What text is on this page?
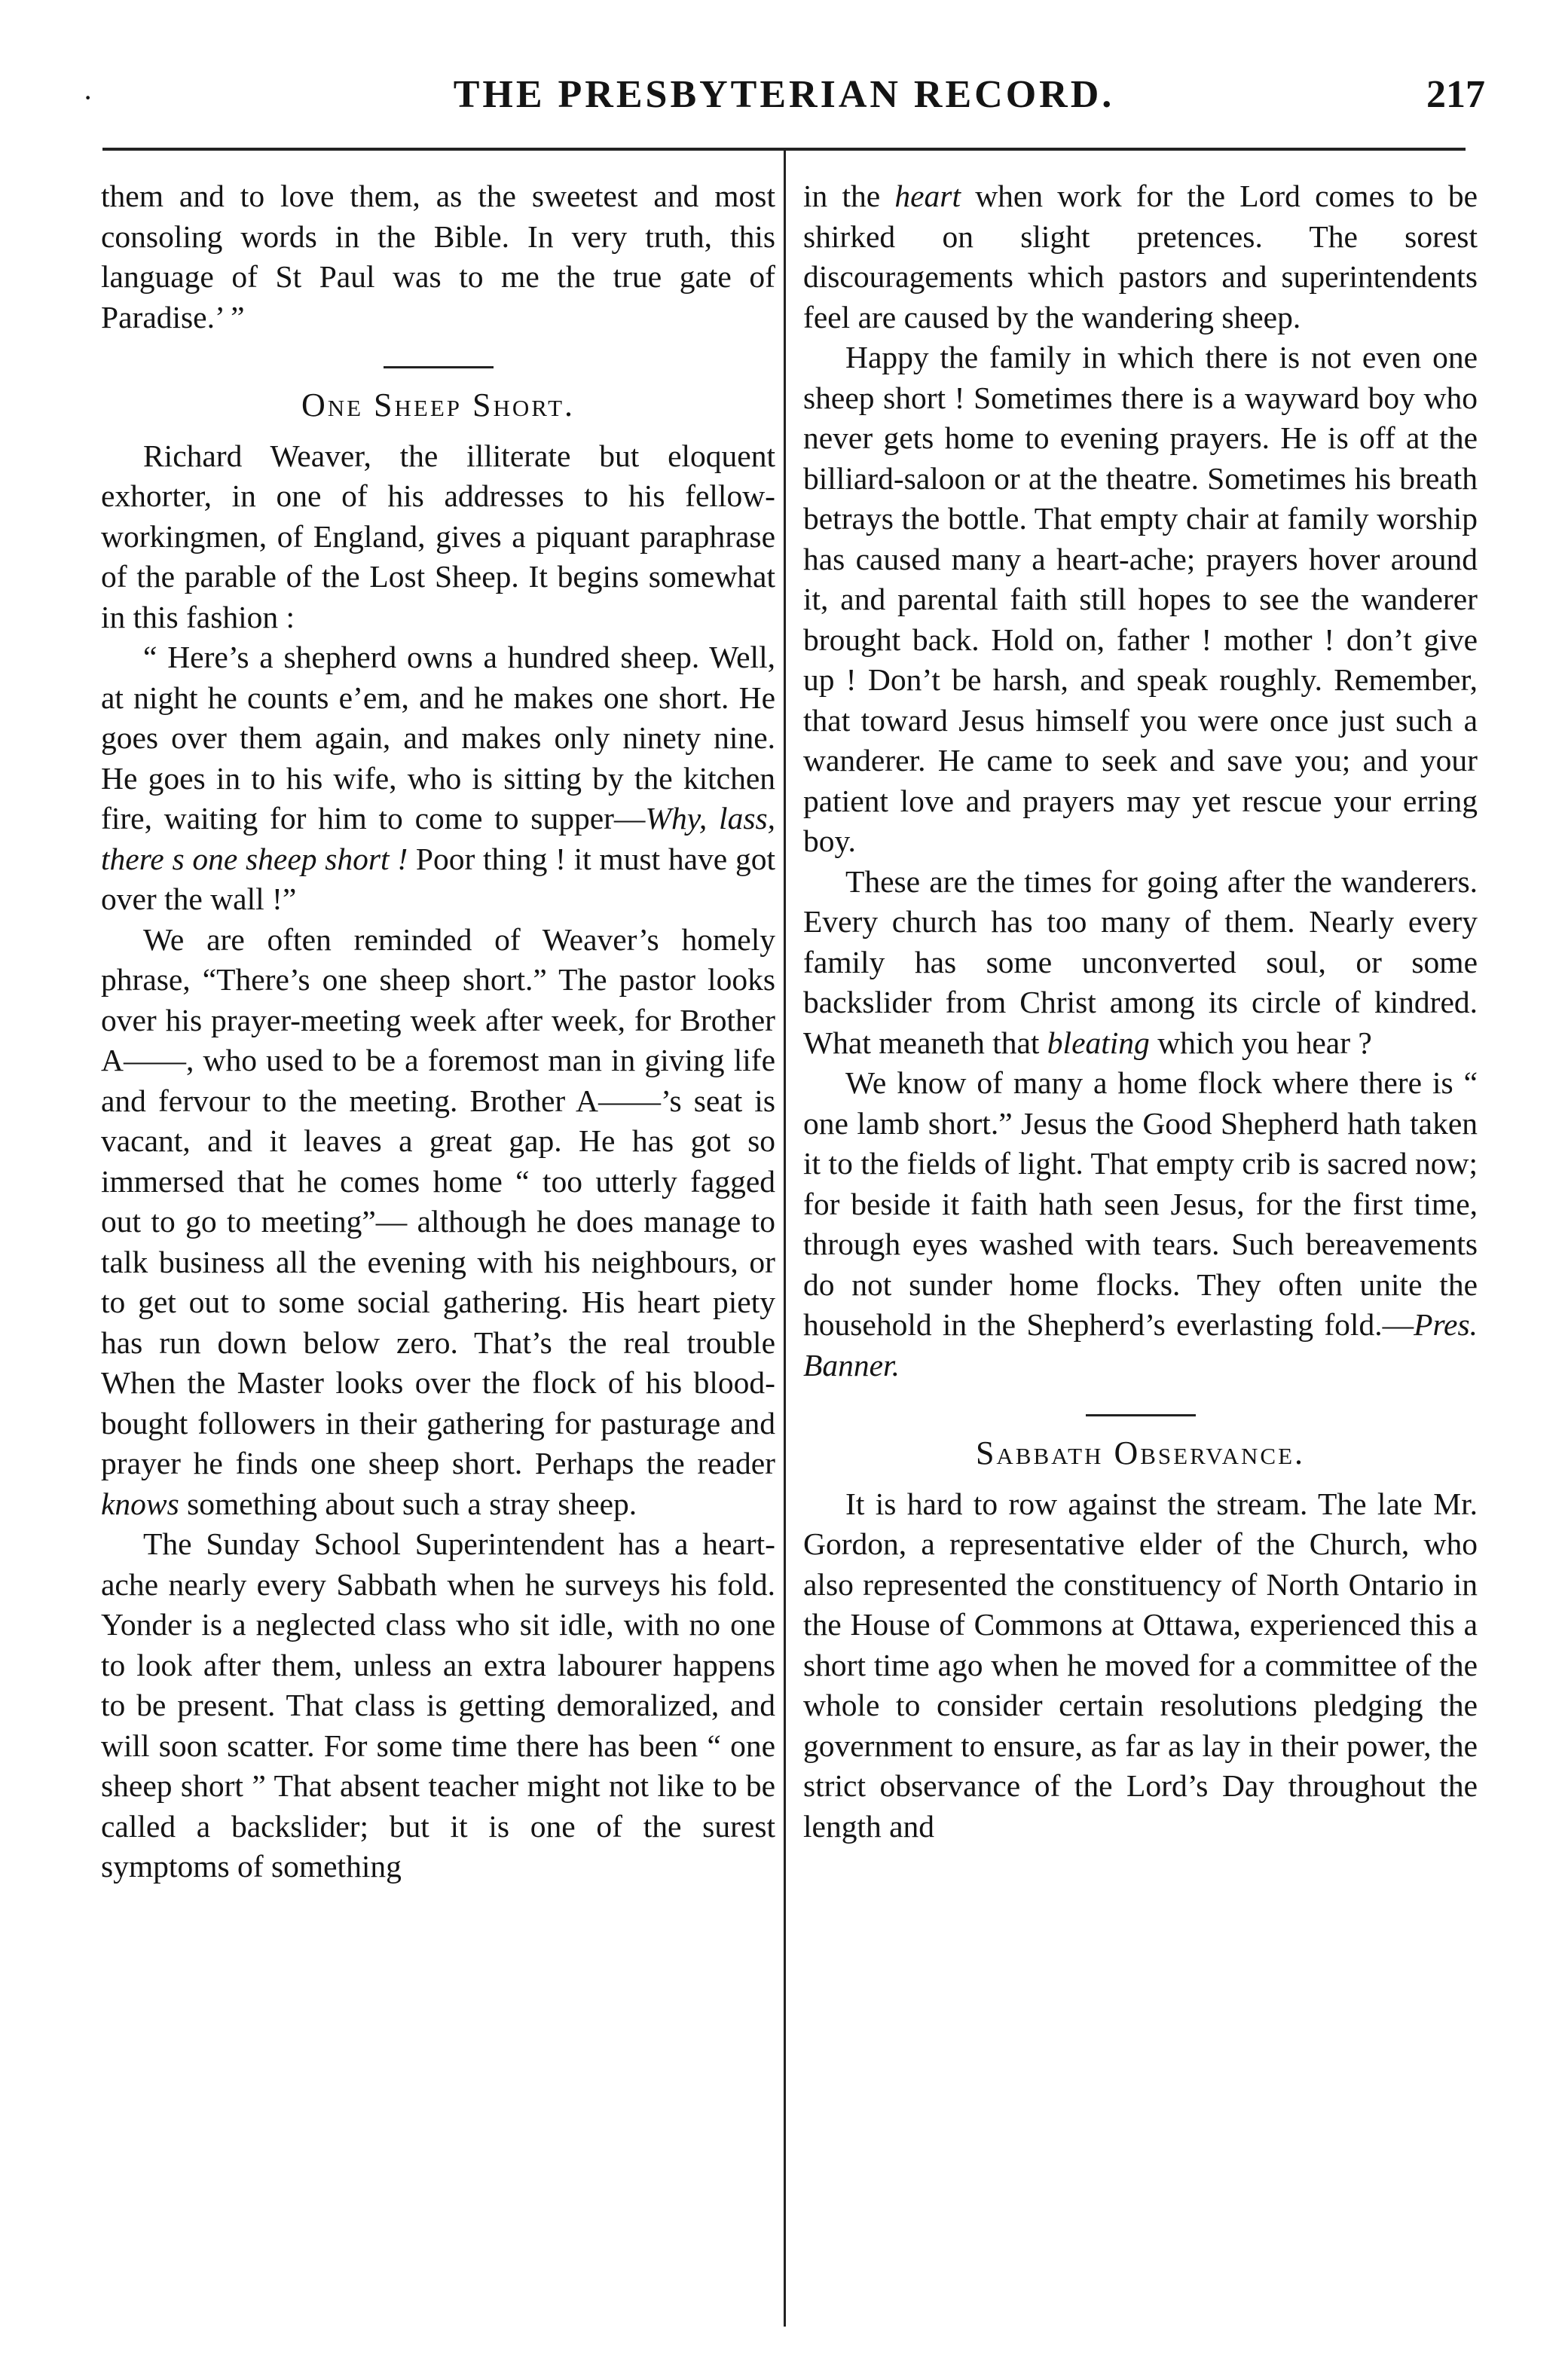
·	THE PRESBYTERIAN RECORD.	217

them and to love them, as the sweetest and most consoling words in the Bible. In very truth, this language of St Paul was to me the true gate of Paradise.’ ”

One Sheep Short.

Richard Weaver, the illiterate but eloquent exhorter, in one of his addresses to his fellow-workingmen, of England, gives a piquant paraphrase of the parable of the Lost Sheep. It begins somewhat in this fashion :

“ Here’s a shepherd owns a hundred sheep. Well, at night he counts e’em, and he makes one short. He goes over them again, and makes only ninety nine. He goes in to his wife, who is sitting by the kitchen fire, waiting for him to come to supper—Why, lass, there s one sheep short ! Poor thing ! it must have got over the wall !”

We are often reminded of Weaver’s homely phrase, “There’s one sheep short.” The pastor looks over his prayer-meeting week after week, for Brother A——, who used to be a foremost man in giving life and fervour to the meeting. Brother A——’s seat is vacant, and it leaves a great gap. He has got so immersed that he comes home “ too utterly fagged out to go to meeting”— although he does manage to talk business all the evening with his neighbours, or to get out to some social gathering. His heart piety has run down below zero. That’s the real trouble When the Master looks over the flock of his blood-bought followers in their gathering for pasturage and prayer he finds one sheep short. Perhaps the reader knows something about such a stray sheep.

The Sunday School Superintendent has a heart-ache nearly every Sabbath when he surveys his fold. Yonder is a neglected class who sit idle, with no one to look after them, unless an extra labourer happens to be present. That class is getting demoralized, and will soon scatter. For some time there has been “ one sheep short ” That absent teacher might not like to be called a backslider; but it is one of the surest symptoms of something

in the heart when work for the Lord comes to be shirked on slight pretences. The sorest discouragements which pastors and superintendents feel are caused by the wandering sheep.

Happy the family in which there is not even one sheep short ! Sometimes there is a wayward boy who never gets home to evening prayers. He is off at the billiard-saloon or at the theatre. Sometimes his breath betrays the bottle. That empty chair at family worship has caused many a heart-ache; prayers hover around it, and parental faith still hopes to see the wanderer brought back. Hold on, father ! mother ! don’t give up ! Don’t be harsh, and speak roughly. Remember, that toward Jesus himself you were once just such a wanderer. He came to seek and save you; and your patient love and prayers may yet rescue your erring boy.

These are the times for going after the wanderers. Every church has too many of them. Nearly every family has some unconverted soul, or some backslider from Christ among its circle of kindred. What meaneth that bleating which you hear ?

We know of many a home flock where there is “ one lamb short.” Jesus the Good Shepherd hath taken it to the fields of light. That empty crib is sacred now; for beside it faith hath seen Jesus, for the first time, through eyes washed with tears. Such bereavements do not sunder home flocks. They often unite the household in the Shepherd’s everlasting fold.—Pres. Banner.

Sabbath Observance.

It is hard to row against the stream. The late Mr. Gordon, a representative elder of the Church, who also represented the constituency of North Ontario in the House of Commons at Ottawa, experienced this a short time ago when he moved for a committee of the whole to consider certain resolutions pledging the government to ensure, as far as lay in their power, the strict observance of the Lord’s Day throughout the length and
